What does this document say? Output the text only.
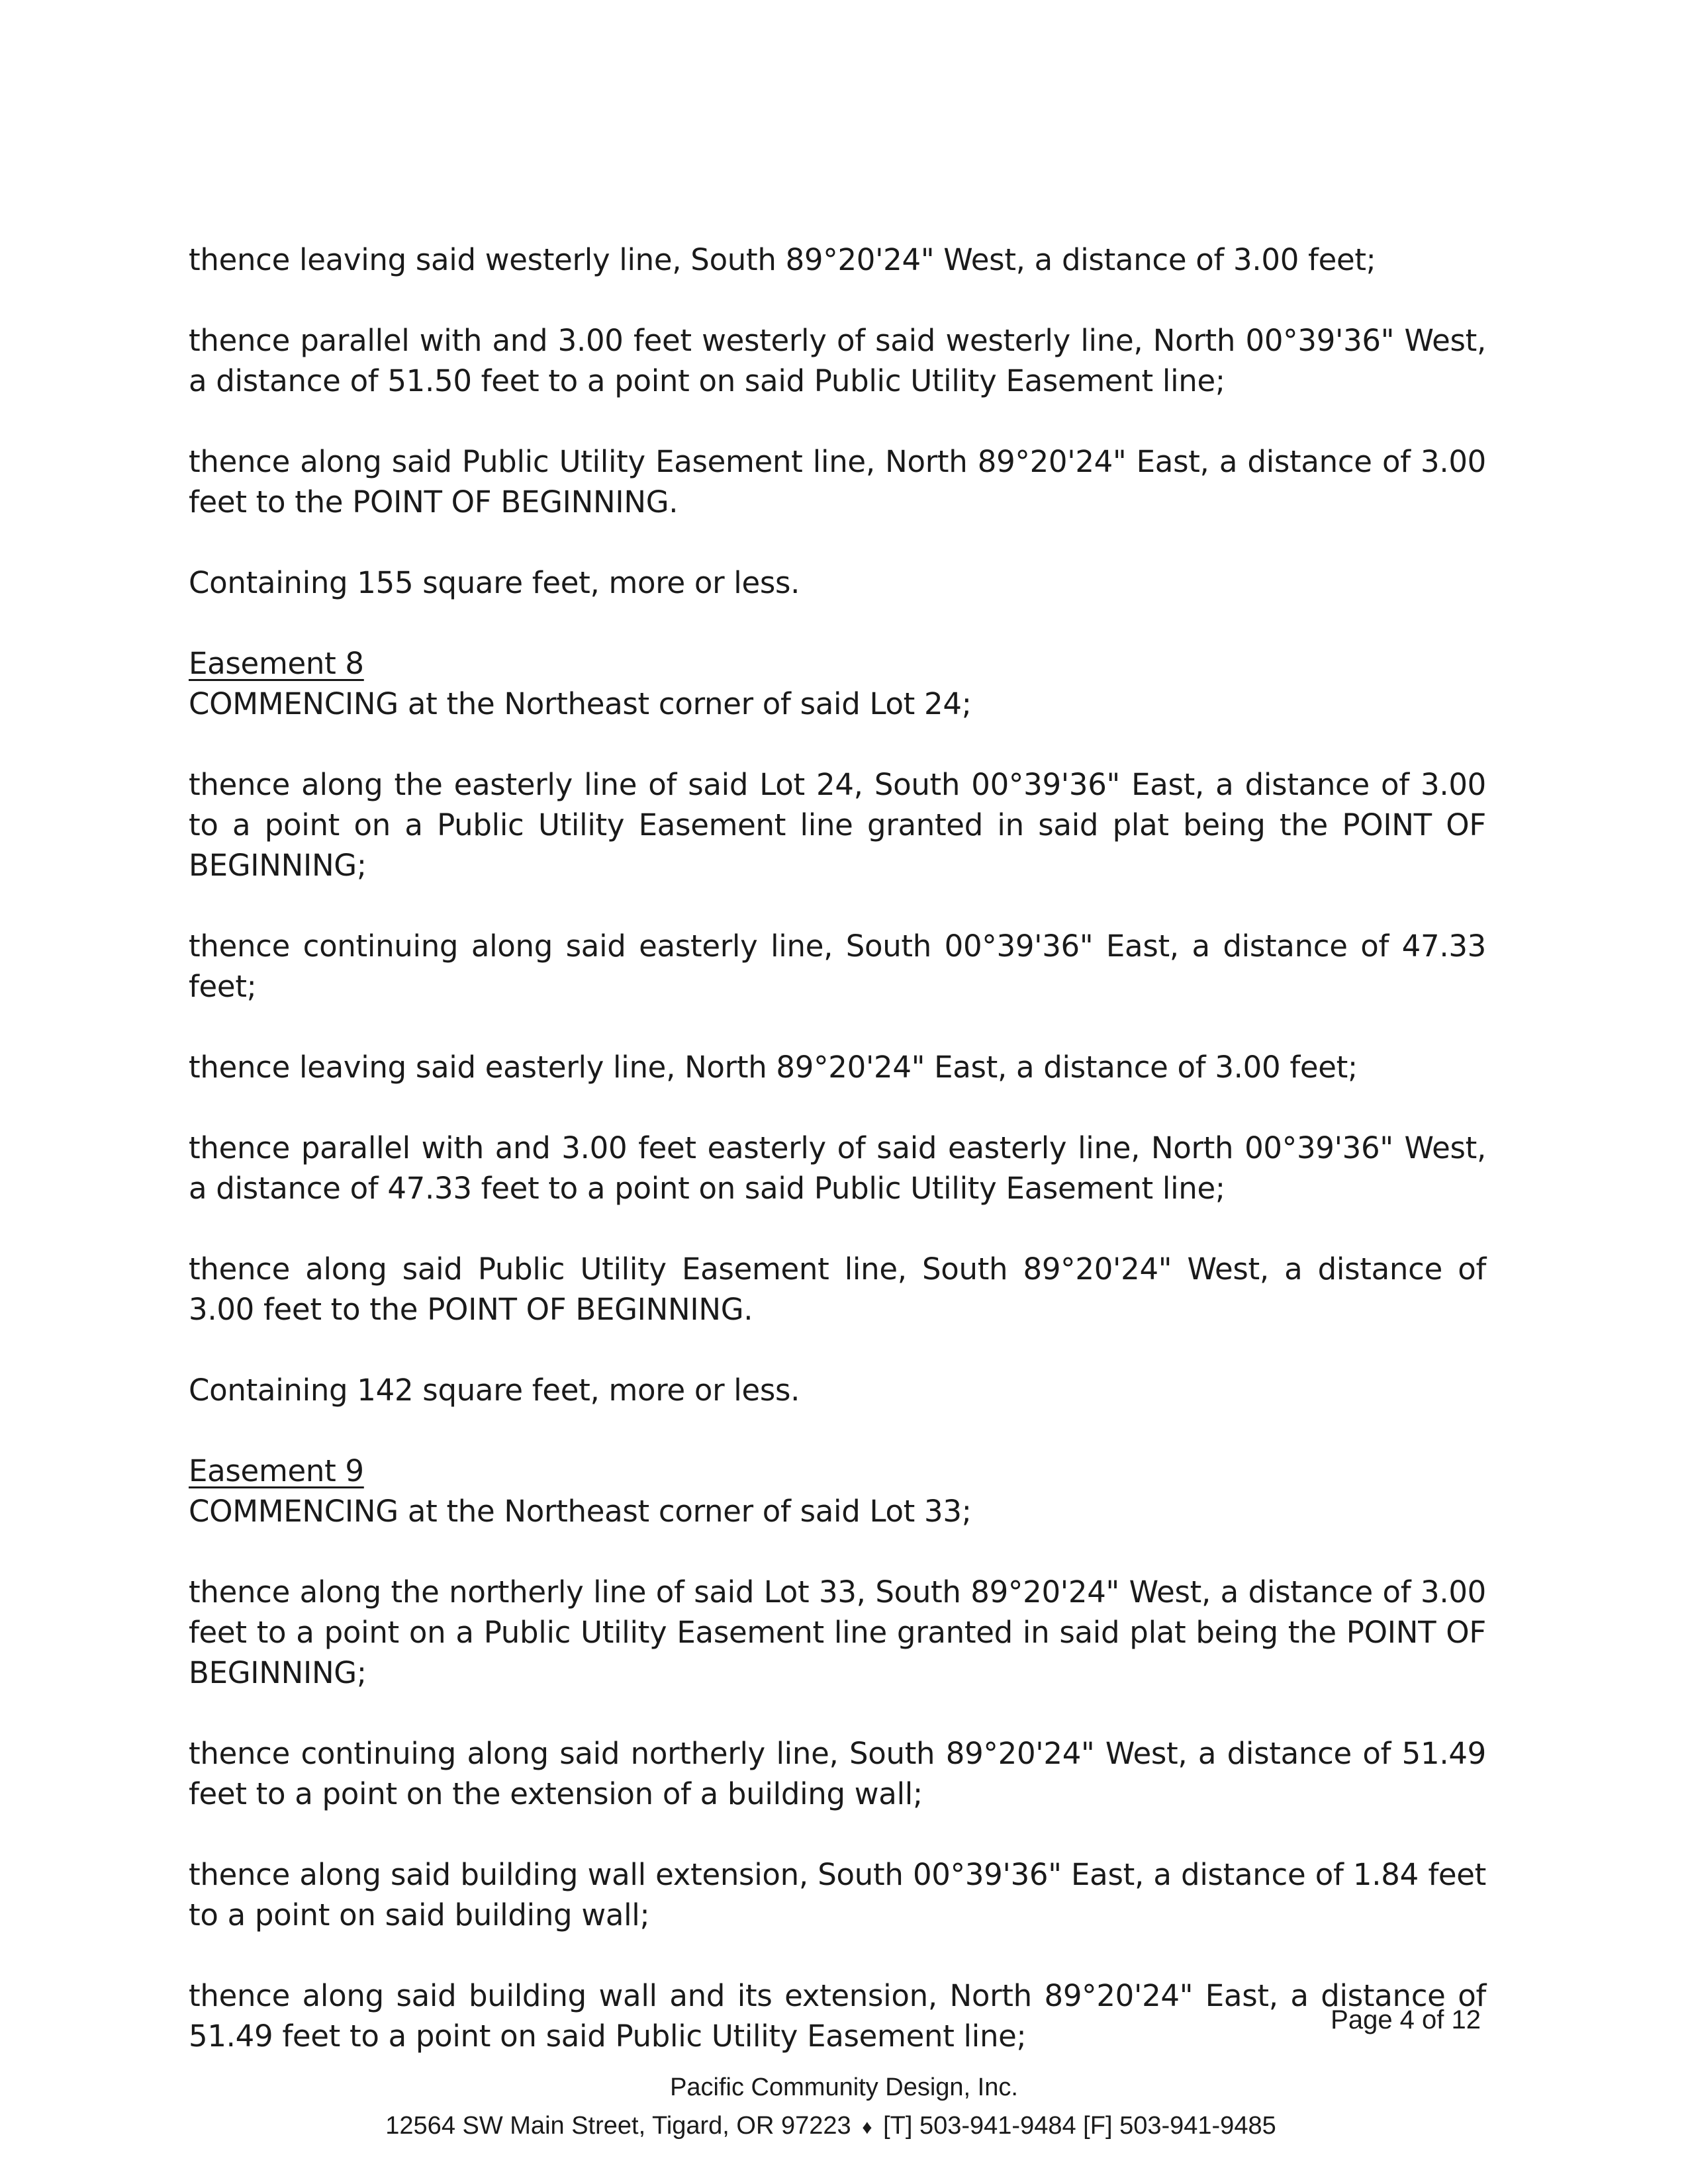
thence leaving said westerly line, South 89°20'24" West, a distance of 3.00 feet;

thence parallel with and 3.00 feet westerly of said westerly line, North 00°39'36" West, a distance of 51.50 feet to a point on said Public Utility Easement line;

thence along said Public Utility Easement line, North 89°20'24" East, a distance of 3.00 feet to the POINT OF BEGINNING.

Containing 155 square feet, more or less.

Easement 8
COMMENCING at the Northeast corner of said Lot 24;

thence along the easterly line of said Lot 24, South 00°39'36" East, a distance of 3.00 to a point on a Public Utility Easement line granted in said plat being the POINT OF BEGINNING;

thence continuing along said easterly line, South 00°39'36" East, a distance of 47.33 feet;

thence leaving said easterly line, North 89°20'24" East, a distance of 3.00 feet;

thence parallel with and 3.00 feet easterly of said easterly line, North 00°39'36" West, a distance of 47.33 feet to a point on said Public Utility Easement line;

thence along said Public Utility Easement line, South 89°20'24" West, a distance of 3.00 feet to the POINT OF BEGINNING.

Containing 142 square feet, more or less.

Easement 9
COMMENCING at the Northeast corner of said Lot 33;

thence along the northerly line of said Lot 33, South 89°20'24" West, a distance of 3.00 feet to a point on a Public Utility Easement line granted in said plat being the POINT OF BEGINNING;

thence continuing along said northerly line, South 89°20'24" West, a distance of 51.49 feet to a point on the extension of a building wall;

thence along said building wall extension, South 00°39'36" East, a distance of 1.84 feet to a point on said building wall;

thence along said building wall and its extension, North 89°20'24" East, a distance of 51.49 feet to a point on said Public Utility Easement line;	Page 4 of 12
Pacific Community Design, Inc.
12564 SW Main Street, Tigard, OR 97223 ♦ [T] 503-941-9484 [F] 503-941-9485
